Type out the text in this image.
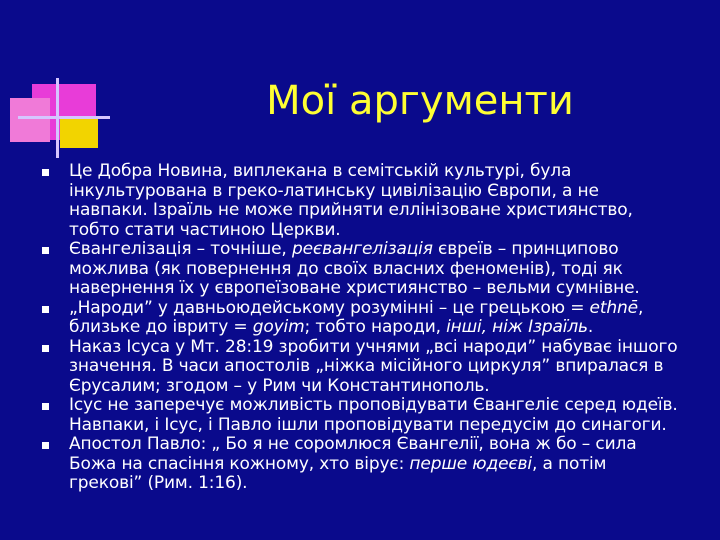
Мої аргументи
Це Добра Новина, виплекана в семітській культурі, була інкультурована в греко-латинську цивілізацію Європи, а не навпаки. Ізраїль не може прийняти еллінізоване християнство, тобто стати частиною Церкви.
Євангелізація – точніше, реєвангелізація євреїв – принципово можлива (як повернення до своїх власних феноменів), тоді як навернення їх у європеїзоване християнство – вельми сумнівне.
„Народи” у давньоюдейському розумінні – це грецькою = ethnē, близьке до івриту = goyim; тобто народи, інші, ніж Ізраїль.
Наказ Ісуса у Мт. 28:19 зробити учнями „всі народи” набуває іншого значення. В часи апостолів „ніжка місійного циркуля” впиралася в Єрусалим; згодом – у Рим чи Константинополь.
Ісус не заперечує можливість проповідувати Євангеліє серед юдеїв. Навпаки, і Ісус, і Павло ішли проповідувати передусім до синагоги.
Апостол Павло: „ Бо я не соромлюся Євангелії, вона ж бо – сила Божа на спасіння кожному, хто вірує: перше юдеєві, а потім грекові” (Рим. 1:16).
